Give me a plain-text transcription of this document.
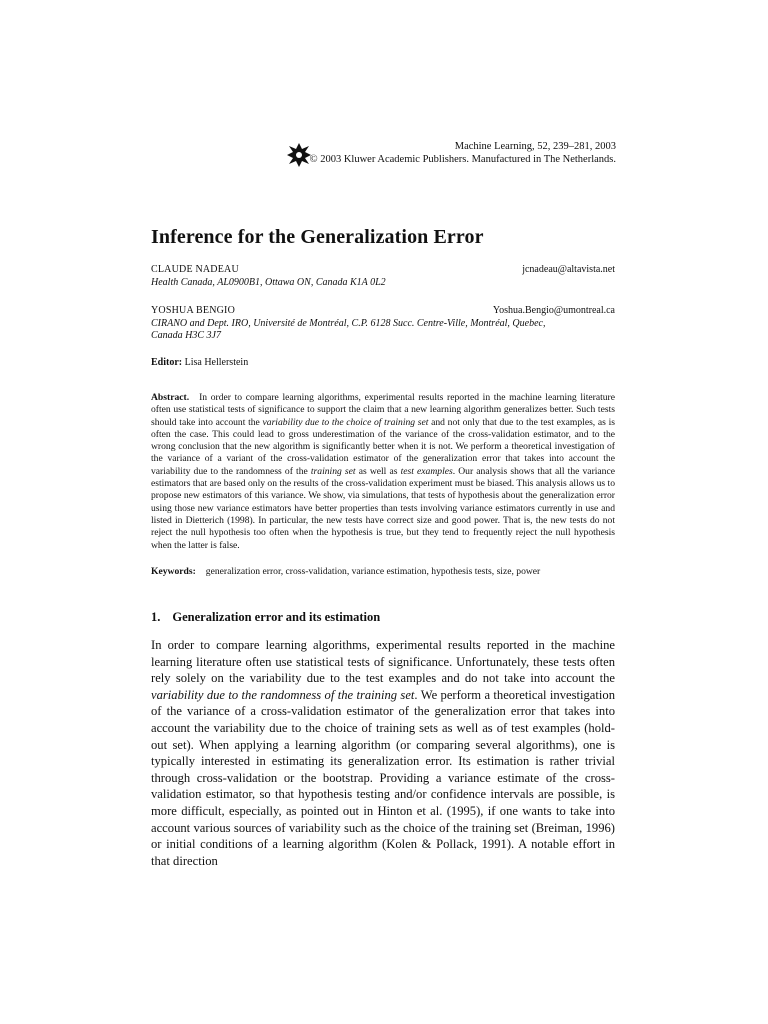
Machine Learning, 52, 239–281, 2003
© 2003 Kluwer Academic Publishers. Manufactured in The Netherlands.
Inference for the Generalization Error
CLAUDE NADEAU	jcnadeau@altavista.net
Health Canada, AL0900B1, Ottawa ON, Canada K1A 0L2
YOSHUA BENGIO	Yoshua.Bengio@umontreal.ca
CIRANO and Dept. IRO, Université de Montréal, C.P. 6128 Succ. Centre-Ville, Montréal, Quebec,
Canada H3C 3J7
Editor: Lisa Hellerstein

Abstract. In order to compare learning algorithms, experimental results reported in the machine learning literature often use statistical tests of significance to support the claim that a new learning algorithm generalizes better. Such tests should take into account the variability due to the choice of training set and not only that due to the test examples, as is often the case. This could lead to gross underestimation of the variance of the cross-validation estimator, and to the wrong conclusion that the new algorithm is significantly better when it is not. We perform a theoretical investigation of the variance of a variant of the cross-validation estimator of the generalization error that takes into account the variability due to the randomness of the training set as well as test examples. Our analysis shows that all the variance estimators that are based only on the results of the cross-validation experiment must be biased. This analysis allows us to propose new estimators of this variance. We show, via simulations, that tests of hypothesis about the generalization error using those new variance estimators have better properties than tests involving variance estimators currently in use and listed in Dietterich (1998). In particular, the new tests have correct size and good power. That is, the new tests do not reject the null hypothesis too often when the hypothesis is true, but they tend to frequently reject the null hypothesis when the latter is false.

Keywords: generalization error, cross-validation, variance estimation, hypothesis tests, size, power
1. Generalization error and its estimation

In order to compare learning algorithms, experimental results reported in the machine learning literature often use statistical tests of significance. Unfortunately, these tests often rely solely on the variability due to the test examples and do not take into account the variability due to the randomness of the training set. We perform a theoretical investigation of the variance of a cross-validation estimator of the generalization error that takes into account the variability due to the choice of training sets as well as of test examples (hold-out set). When applying a learning algorithm (or comparing several algorithms), one is typically interested in estimating its generalization error. Its estimation is rather trivial through cross-validation or the bootstrap. Providing a variance estimate of the cross-validation estimator, so that hypothesis testing and/or confidence intervals are possible, is more difficult, especially, as pointed out in Hinton et al. (1995), if one wants to take into account various sources of variability such as the choice of the training set (Breiman, 1996) or initial conditions of a learning algorithm (Kolen & Pollack, 1991). A notable effort in that direction
